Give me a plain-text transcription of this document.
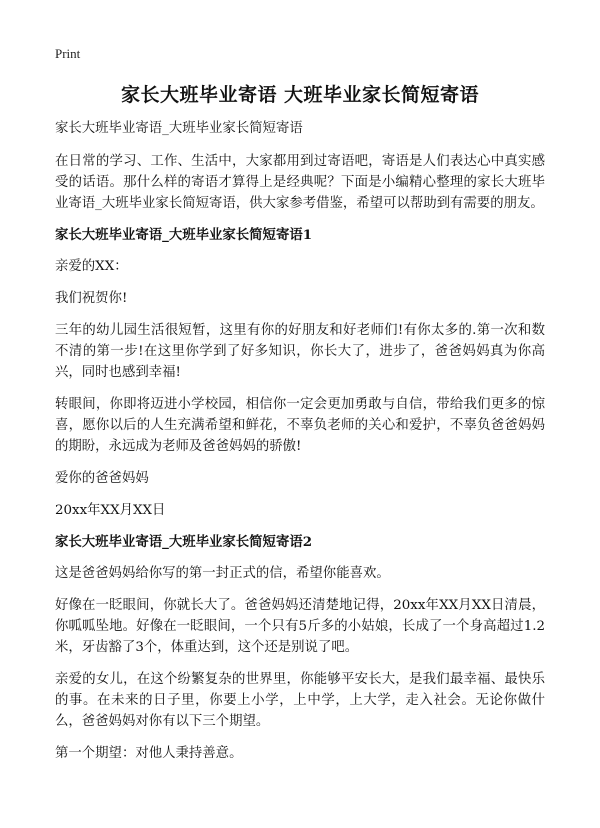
Print
家长大班毕业寄语 大班毕业家长简短寄语

家长大班毕业寄语_大班毕业家长简短寄语

在日常的学习、工作、生活中，大家都用到过寄语吧，寄语是人们表达心中真实感受的话语。那什么样的寄语才算得上是经典呢？下面是小编精心整理的家长大班毕业寄语_大班毕业家长简短寄语，供大家参考借鉴，希望可以帮助到有需要的朋友。

家长大班毕业寄语_大班毕业家长简短寄语1

亲爱的XX：

我们祝贺你!

三年的幼儿园生活很短暂，这里有你的好朋友和好老师们!有你太多的.第一次和数不清的第一步!在这里你学到了好多知识，你长大了，进步了，爸爸妈妈真为你高兴，同时也感到幸福!

转眼间，你即将迈进小学校园，相信你一定会更加勇敢与自信，带给我们更多的惊喜，愿你以后的人生充满希望和鲜花，不辜负老师的关心和爱护，不辜负爸爸妈妈的期盼，永远成为老师及爸爸妈妈的骄傲!

爱你的爸爸妈妈

20xx年XX月XX日

家长大班毕业寄语_大班毕业家长简短寄语2

这是爸爸妈妈给你写的第一封正式的信，希望你能喜欢。

好像在一眨眼间，你就长大了。爸爸妈妈还清楚地记得，20xx年XX月XX日清晨，你呱呱坠地。好像在一眨眼间，一个只有5斤多的小姑娘，长成了一个身高超过1.2米，牙齿豁了3个，体重达到，这个还是别说了吧。

亲爱的女儿，在这个纷繁复杂的世界里，你能够平安长大，是我们最幸福、最快乐的事。在未来的日子里，你要上小学，上中学，上大学，走入社会。无论你做什么，爸爸妈妈对你有以下三个期望。

第一个期望：对他人秉持善意。
